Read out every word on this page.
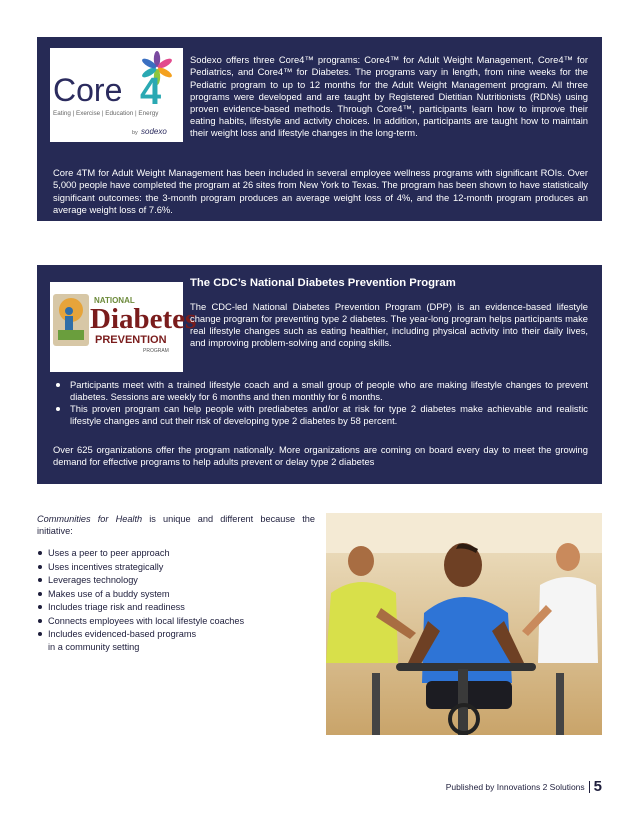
Core 4
Eating | Exercise | Education | Energy
by sodexo

Sodexo offers three Core4™ programs: Core4™ for Adult Weight Management, Core4™ for Pediatrics, and Core4™ for Diabetes. The programs vary in length, from nine weeks for the Pediatric program to up to 12 months for the Adult Weight Management program. All three programs were developed and are taught by Registered Dietitian Nutritionists (RDNs) using proven evidence-based methods. Through Core4™, participants learn how to improve their eating habits, lifestyle and activity choices. In addition, participants are taught how to maintain their weight loss and lifestyle changes in the long-term.

Core 4TM for Adult Weight Management has been included in several employee wellness programs with significant ROIs. Over 5,000 people have completed the program at 26 sites from New York to Texas. The program has been shown to have statistically significant outcomes: the 3-month program produces an average weight loss of 4%, and the 12-month program produces an average weight loss of 7.6%.

NATIONAL
Diabetes
PREVENTION
PROGRAM
The CDC’s National Diabetes Prevention Program

The CDC-led National Diabetes Prevention Program (DPP) is an evidence-based lifestyle change program for preventing type 2 diabetes. The year-long program helps participants make real lifestyle changes such as eating healthier, including physical activity into their daily lives, and improving problem-solving and coping skills.

Participants meet with a trained lifestyle coach and a small group of people who are making lifestyle changes to prevent diabetes. Sessions are weekly for 6 months and then monthly for 6 months.
This proven program can help people with prediabetes and/or at risk for type 2 diabetes make achievable and realistic lifestyle changes and cut their risk of developing type 2 diabetes by 58 percent.

Over 625 organizations offer the program nationally. More organizations are coming on board every day to meet the growing demand for effective programs to help adults prevent or delay type 2 diabetes

Communities for Health is unique and different because the initiative:

Uses a peer to peer approach
Uses incentives strategically
Leverages technology
Makes use of a buddy system
Includes triage risk and readiness
Connects employees with local lifestyle coaches
Includes evidenced-based programs
in a community setting
Published by Innovations 2 Solutions 5
